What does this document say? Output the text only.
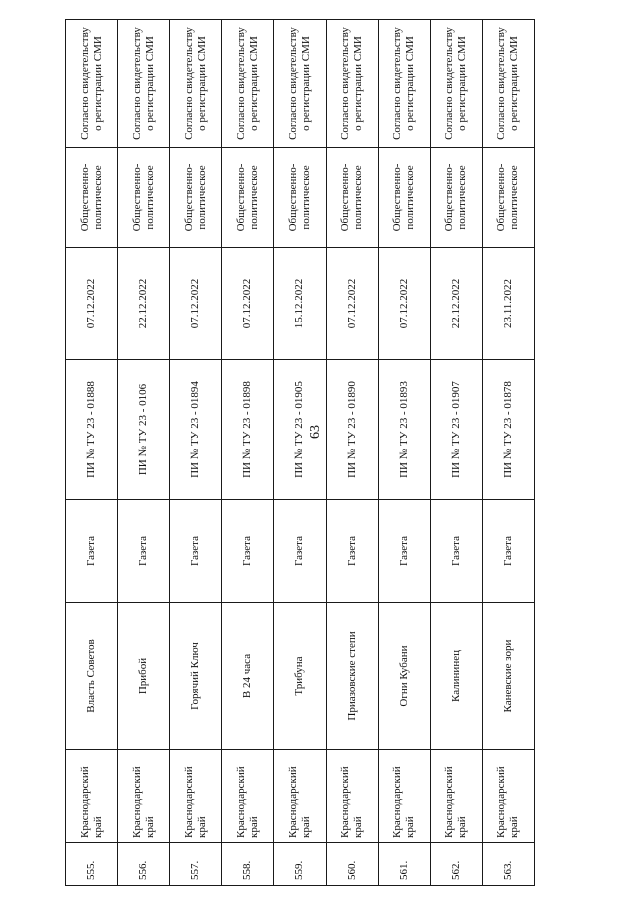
63
555.	Краснодарский край	Власть Советов	Газета	ПИ № ТУ 23 - 01888	07.12.2022	Общественно-политическое	Согласно свидетельству о регистрации СМИ
556.	Краснодарский край	Прибой	Газета	ПИ № ТУ 23 - 0106	22.12.2022	Общественно-политическое	Согласно свидетельству о регистрации СМИ
557.	Краснодарский край	Горячий Ключ	Газета	ПИ № ТУ 23 - 01894	07.12.2022	Общественно-политическое	Согласно свидетельству о регистрации СМИ
558.	Краснодарский край	В 24 часа	Газета	ПИ № ТУ 23 - 01898	07.12.2022	Общественно-политическое	Согласно свидетельству о регистрации СМИ
559.	Краснодарский край	Трибуна	Газета	ПИ № ТУ 23 - 01905	15.12.2022	Общественно-политическое	Согласно свидетельству о регистрации СМИ
560.	Краснодарский край	Приазовские степи	Газета	ПИ № ТУ 23 - 01890	07.12.2022	Общественно-политическое	Согласно свидетельству о регистрации СМИ
561.	Краснодарский край	Огни Кубани	Газета	ПИ № ТУ 23 - 01893	07.12.2022	Общественно-политическое	Согласно свидетельству о регистрации СМИ
562.	Краснодарский край	Калининец	Газета	ПИ № ТУ 23 - 01907	22.12.2022	Общественно-политическое	Согласно свидетельству о регистрации СМИ
563.	Краснодарский край	Каневские зори	Газета	ПИ № ТУ 23 - 01878	23.11.2022	Общественно-политическое	Согласно свидетельству о регистрации СМИ
